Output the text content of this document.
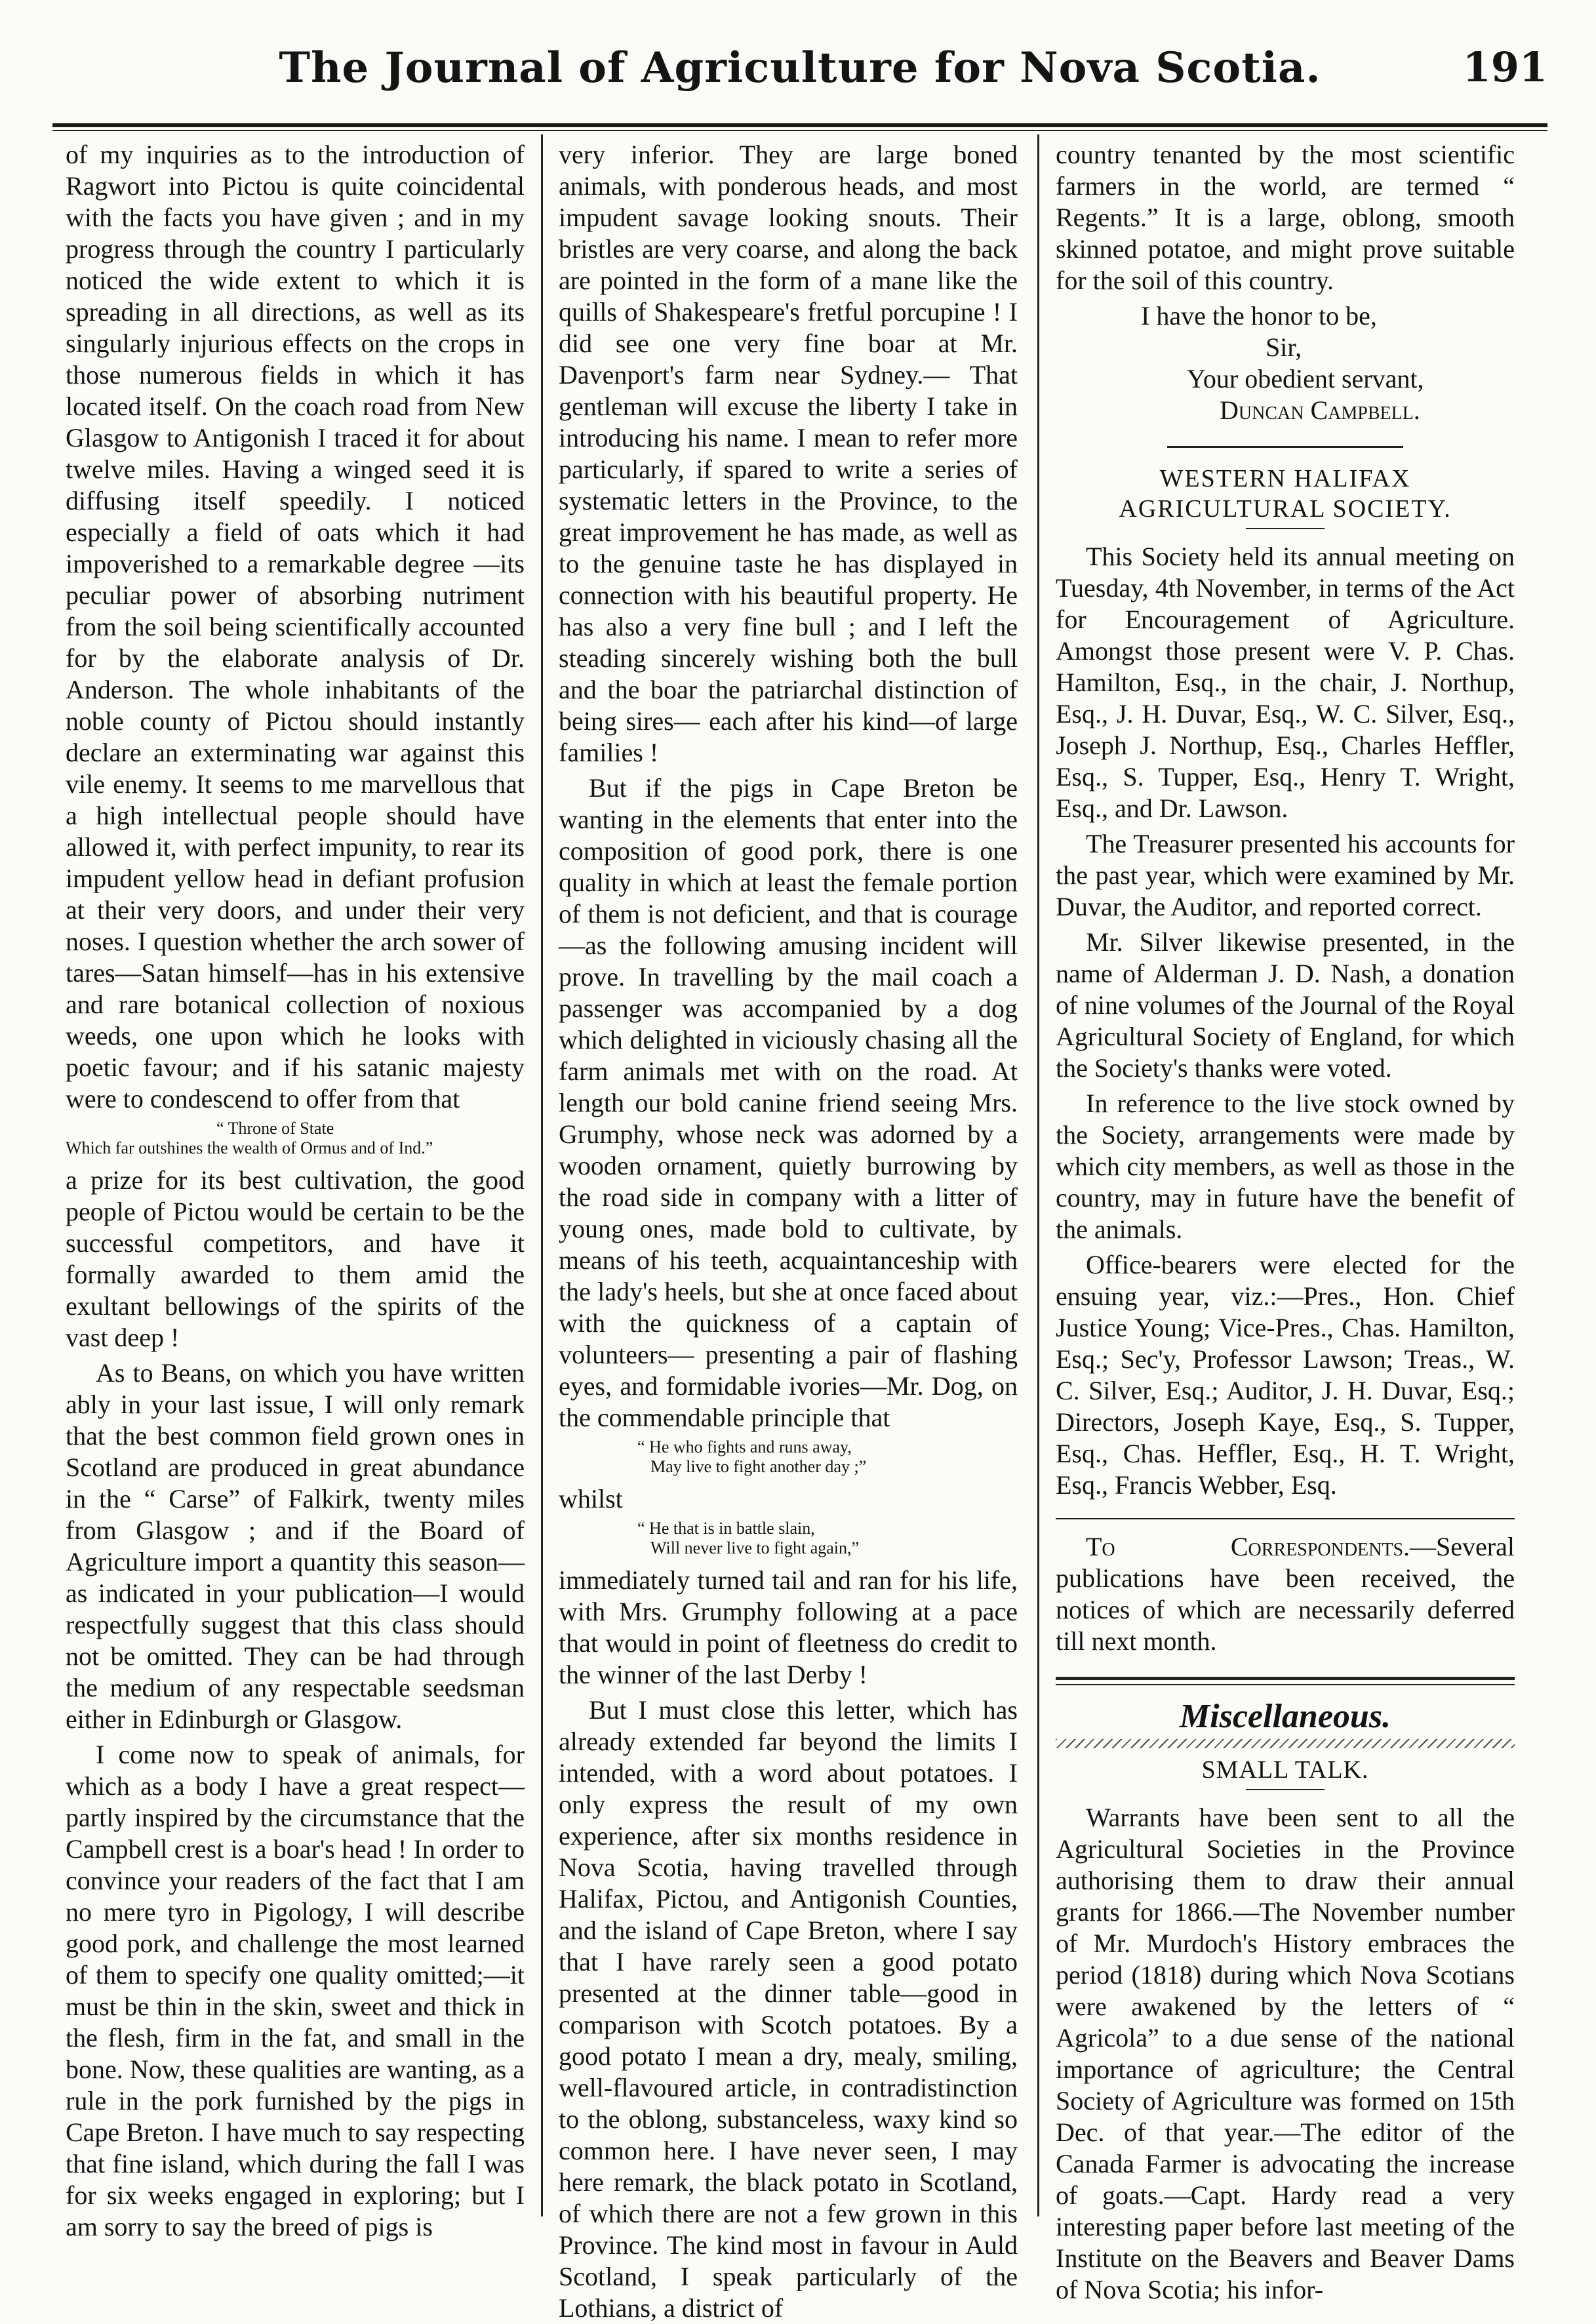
The Journal of Agriculture for Nova Scotia.	191

of my inquiries as to the introduction of Ragwort into Pictou is quite coincidental with the facts you have given ; and in my progress through the country I particularly noticed the wide extent to which it is spreading in all directions, as well as its singularly injurious effects on the crops in those numerous fields in which it has located itself. On the coach road from New Glasgow to Antigonish I traced it for about twelve miles. Having a winged seed it is diffusing itself speedily. I noticed especially a field of oats which it had impoverished to a remarkable degree —its peculiar power of absorbing nutriment from the soil being scientifically accounted for by the elaborate analysis of Dr. Anderson. The whole inhabitants of the noble county of Pictou should instantly declare an exterminating war against this vile enemy. It seems to me marvellous that a high intellectual people should have allowed it, with perfect impunity, to rear its impudent yellow head in defiant profusion at their very doors, and under their very noses. I question whether the arch sower of tares—Satan himself—has in his extensive and rare botanical collection of noxious weeds, one upon which he looks with poetic favour; and if his satanic majesty were to condescend to offer from that

“ Throne of State
Which far outshines the wealth of Ormus and of Ind.”

a prize for its best cultivation, the good people of Pictou would be certain to be the successful competitors, and have it formally awarded to them amid the exultant bellowings of the spirits of the vast deep !

As to Beans, on which you have written ably in your last issue, I will only remark that the best common field grown ones in Scotland are produced in great abundance in the “ Carse” of Falkirk, twenty miles from Glasgow ; and if the Board of Agriculture import a quantity this season—as indicated in your publication—I would respectfully suggest that this class should not be omitted. They can be had through the medium of any respectable seedsman either in Edinburgh or Glasgow.

I come now to speak of animals, for which as a body I have a great respect— partly inspired by the circumstance that the Campbell crest is a boar's head ! In order to convince your readers of the fact that I am no mere tyro in Pigology, I will describe good pork, and challenge the most learned of them to specify one quality omitted;—it must be thin in the skin, sweet and thick in the flesh, firm in the fat, and small in the bone. Now, these qualities are wanting, as a rule in the pork furnished by the pigs in Cape Breton. I have much to say respecting that fine island, which during the fall I was for six weeks engaged in exploring; but I am sorry to say the breed of pigs is

very inferior. They are large boned animals, with ponderous heads, and most impudent savage looking snouts. Their bristles are very coarse, and along the back are pointed in the form of a mane like the quills of Shakespeare's fretful porcupine ! I did see one very fine boar at Mr. Davenport's farm near Sydney.— That gentleman will excuse the liberty I take in introducing his name. I mean to refer more particularly, if spared to write a series of systematic letters in the Province, to the great improvement he has made, as well as to the genuine taste he has displayed in connection with his beautiful property. He has also a very fine bull ; and I left the steading sincerely wishing both the bull and the boar the patriarchal distinction of being sires— each after his kind—of large families !

But if the pigs in Cape Breton be wanting in the elements that enter into the composition of good pork, there is one quality in which at least the female portion of them is not deficient, and that is courage—as the following amusing incident will prove. In travelling by the mail coach a passenger was accompanied by a dog which delighted in viciously chasing all the farm animals met with on the road. At length our bold canine friend seeing Mrs. Grumphy, whose neck was adorned by a wooden ornament, quietly burrowing by the road side in company with a litter of young ones, made bold to cultivate, by means of his teeth, acquaintanceship with the lady's heels, but she at once faced about with the quickness of a captain of volunteers— presenting a pair of flashing eyes, and formidable ivories—Mr. Dog, on the commendable principle that

“ He who fights and runs away,
May live to fight another day ;”

whilst

“ He that is in battle slain,
Will never live to fight again,”

immediately turned tail and ran for his life, with Mrs. Grumphy following at a pace that would in point of fleetness do credit to the winner of the last Derby !

But I must close this letter, which has already extended far beyond the limits I intended, with a word about potatoes. I only express the result of my own experience, after six months residence in Nova Scotia, having travelled through Halifax, Pictou, and Antigonish Counties, and the island of Cape Breton, where I say that I have rarely seen a good potato presented at the dinner table—good in comparison with Scotch potatoes. By a good potato I mean a dry, mealy, smiling, well-flavoured article, in contradistinction to the oblong, substanceless, waxy kind so common here. I have never seen, I may here remark, the black potato in Scotland, of which there are not a few grown in this Province. The kind most in favour in Auld Scotland, I speak particularly of the Lothians, a district of

country tenanted by the most scientific farmers in the world, are termed “ Regents.” It is a large, oblong, smooth skinned potatoe, and might prove suitable for the soil of this country.

I have the honor to be,
Sir,
Your obedient servant,
Duncan Campbell.
WESTERN HALIFAX AGRICULTURAL SOCIETY.

This Society held its annual meeting on Tuesday, 4th November, in terms of the Act for Encouragement of Agriculture. Amongst those present were V. P. Chas. Hamilton, Esq., in the chair, J. Northup, Esq., J. H. Duvar, Esq., W. C. Silver, Esq., Joseph J. Northup, Esq., Charles Heffler, Esq., S. Tupper, Esq., Henry T. Wright, Esq., and Dr. Lawson.

The Treasurer presented his accounts for the past year, which were examined by Mr. Duvar, the Auditor, and reported correct.

Mr. Silver likewise presented, in the name of Alderman J. D. Nash, a donation of nine volumes of the Journal of the Royal Agricultural Society of England, for which the Society's thanks were voted.

In reference to the live stock owned by the Society, arrangements were made by which city members, as well as those in the country, may in future have the benefit of the animals.

Office-bearers were elected for the ensuing year, viz.:—Pres., Hon. Chief Justice Young; Vice-Pres., Chas. Hamilton, Esq.; Sec'y, Professor Lawson; Treas., W. C. Silver, Esq.; Auditor, J. H. Duvar, Esq.; Directors, Joseph Kaye, Esq., S. Tupper, Esq., Chas. Heffler, Esq., H. T. Wright, Esq., Francis Webber, Esq.

To Correspondents.—Several publications have been received, the notices of which are necessarily deferred till next month.

Miscellaneous.
SMALL TALK.

Warrants have been sent to all the Agricultural Societies in the Province authorising them to draw their annual grants for 1866.—The November number of Mr. Murdoch's History embraces the period (1818) during which Nova Scotians were awakened by the letters of “ Agricola” to a due sense of the national importance of agriculture; the Central Society of Agriculture was formed on 15th Dec. of that year.—The editor of the Canada Farmer is advocating the increase of goats.—Capt. Hardy read a very interesting paper before last meeting of the Institute on the Beavers and Beaver Dams of Nova Scotia; his infor-
